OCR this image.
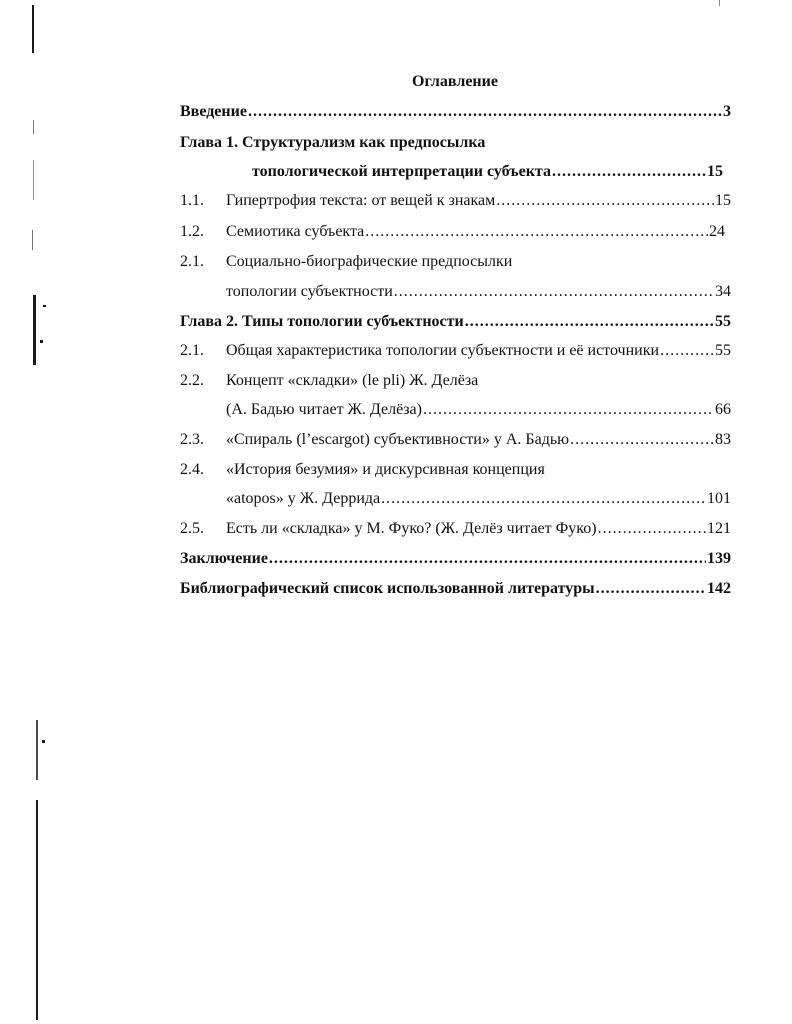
Оглавление
Введение .....	3
Глава 1. Структурализм как предпосылка
топологической интерпретации субъекта .....	15
1.1.	Гипертрофия текста: от вещей к знакам .....	15
1.2.	Семиотика субъекта .....	24
2.1.	Социально-биографические предпосылки
топологии субъектности .....	34
Глава 2. Типы топологии субъектности .....	55
2.1.	Общая характеристика топологии субъектности и её источники .....	55
2.2.	Концепт «складки» (le pli) Ж. Делёза
(А. Бадью читает Ж. Делёза) .....	66
2.3.	«Спираль (l’escargot) субъективности» у А. Бадью .....	83
2.4.	«История безумия» и дискурсивная концепция
«atopos» у Ж. Деррида .....	101
2.5.	Есть ли «складка» у М. Фуко? (Ж. Делёз читает Фуко) .....	121
Заключение .....	139
Библиографический список использованной литературы .....	142
